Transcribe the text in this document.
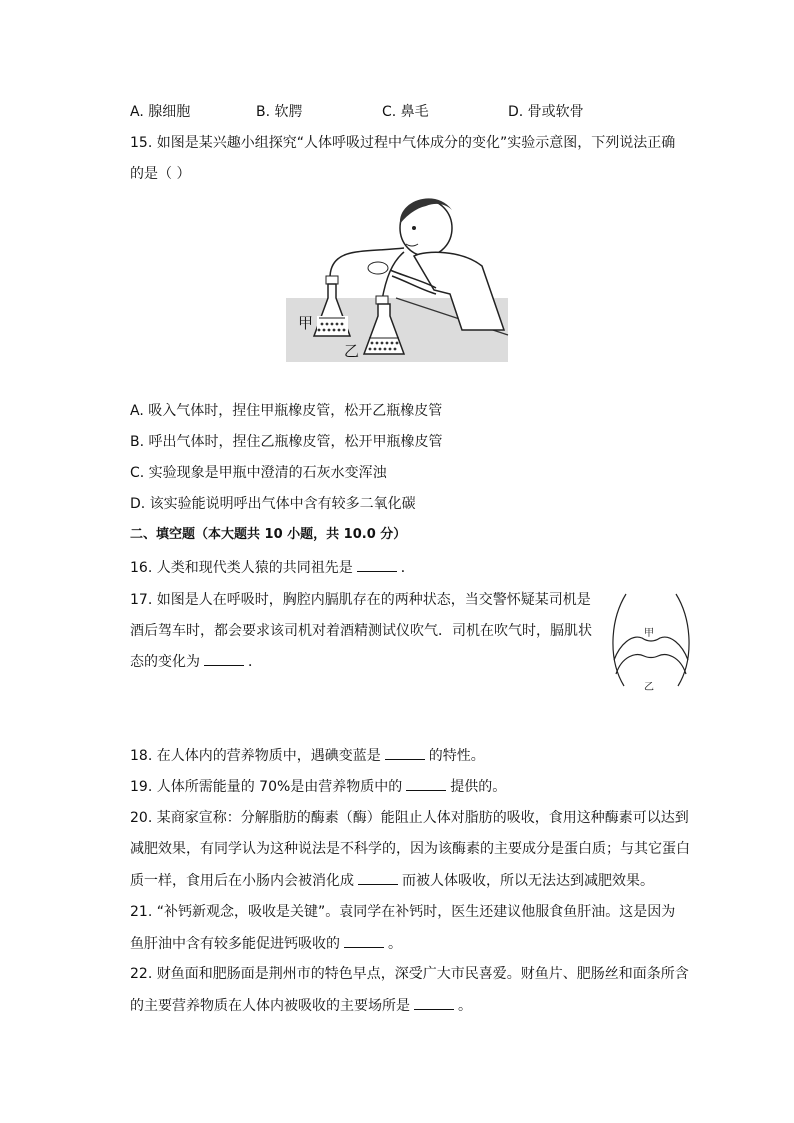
A. 腺细胞	B. 软腭	C. 鼻毛	D. 骨或软骨
15. 如图是某兴趣小组探究“人体呼吸过程中气体成分的变化”实验示意图，下列说法正确
的是（ ）
甲
乙
A. 吸入气体时，捏住甲瓶橡皮管，松开乙瓶橡皮管
B. 呼出气体时，捏住乙瓶橡皮管，松开甲瓶橡皮管
C. 实验现象是甲瓶中澄清的石灰水变浑浊
D. 该实验能说明呼出气体中含有较多二氧化碳
二、填空题（本大题共 10 小题，共 10.0 分）
16. 人类和现代类人猿的共同祖先是	．
17. 如图是人在呼吸时，胸腔内膈肌存在的两种状态，当交警怀疑某司机是
酒后驾车时，都会要求该司机对着酒精测试仪吹气．司机在吹气时，膈肌状
态的变化为	．
甲
乙
18. 在人体内的营养物质中，遇碘变蓝是	的特性。
19. 人体所需能量的 70%是由营养物质中的	提供的。
20. 某商家宣称：分解脂肪的酶素（酶）能阻止人体对脂肪的吸收，食用这种酶素可以达到
减肥效果，有同学认为这种说法是不科学的，因为该酶素的主要成分是蛋白质；与其它蛋白
质一样，食用后在小肠内会被消化成	而被人体吸收，所以无法达到减肥效果。
21. “补钙新观念，吸收是关键”。袁同学在补钙时，医生还建议他服食鱼肝油。这是因为
鱼肝油中含有较多能促进钙吸收的	。
22. 财鱼面和肥肠面是荆州市的特色早点，深受广大市民喜爱。财鱼片、肥肠丝和面条所含
的主要营养物质在人体内被吸收的主要场所是	。
